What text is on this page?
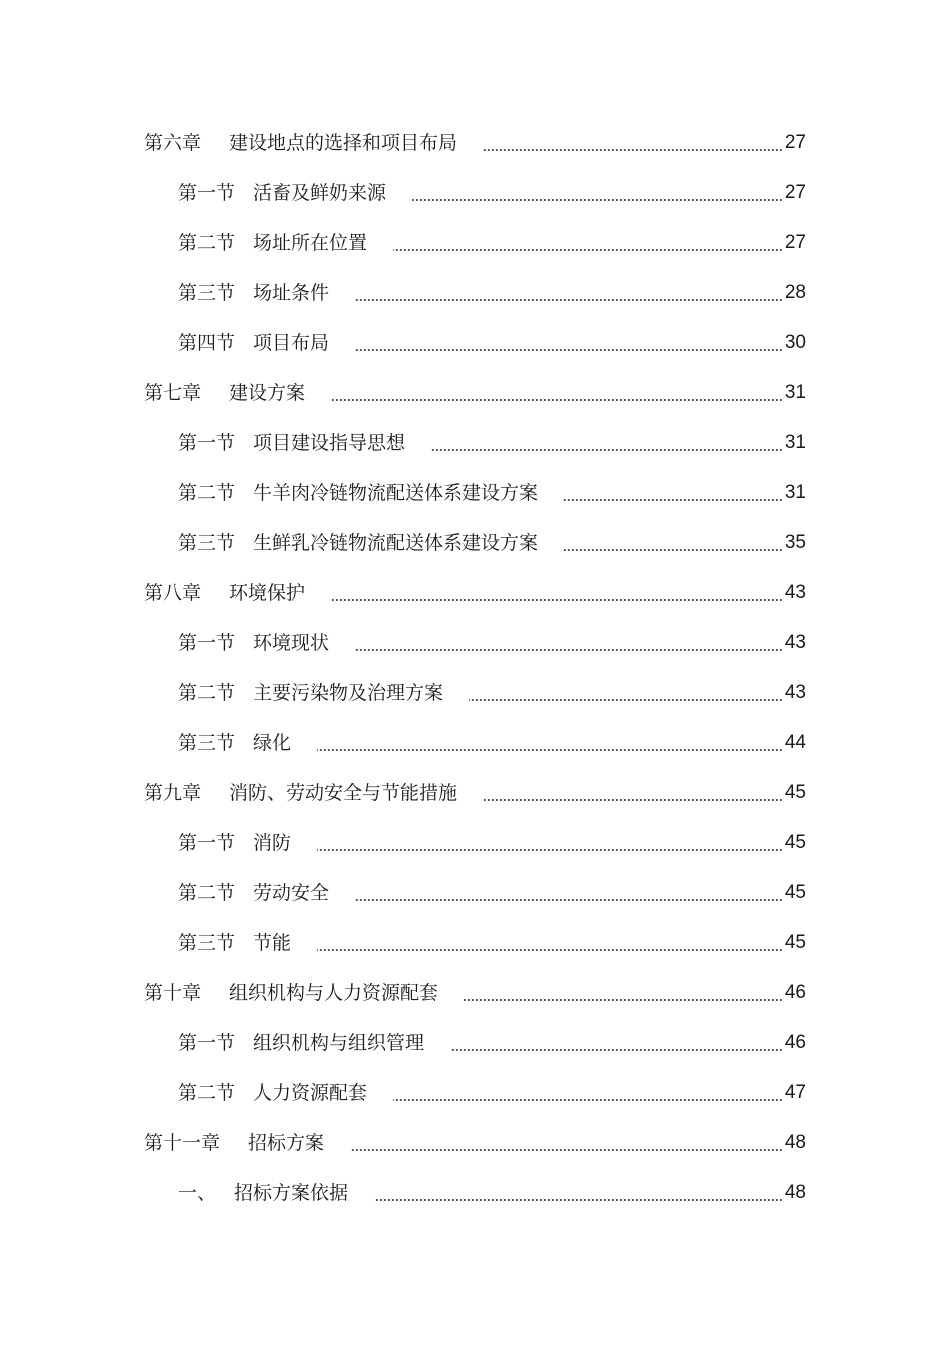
第六章 建设地点的选择和项目布局	27
第一节 活畜及鲜奶来源	27
第二节 场址所在位置	27
第三节 场址条件	28
第四节 项目布局	30
第七章 建设方案	31
第一节 项目建设指导思想	31
第二节 牛羊肉冷链物流配送体系建设方案	31
第三节 生鲜乳冷链物流配送体系建设方案	35
第八章 环境保护	43
第一节 环境现状	43
第二节 主要污染物及治理方案	43
第三节 绿化	44
第九章 消防、劳动安全与节能措施	45
第一节 消防	45
第二节 劳动安全	45
第三节 节能	45
第十章 组织机构与人力资源配套	46
第一节 组织机构与组织管理	46
第二节 人力资源配套	47
第十一章 招标方案	48
一、 招标方案依据	48
